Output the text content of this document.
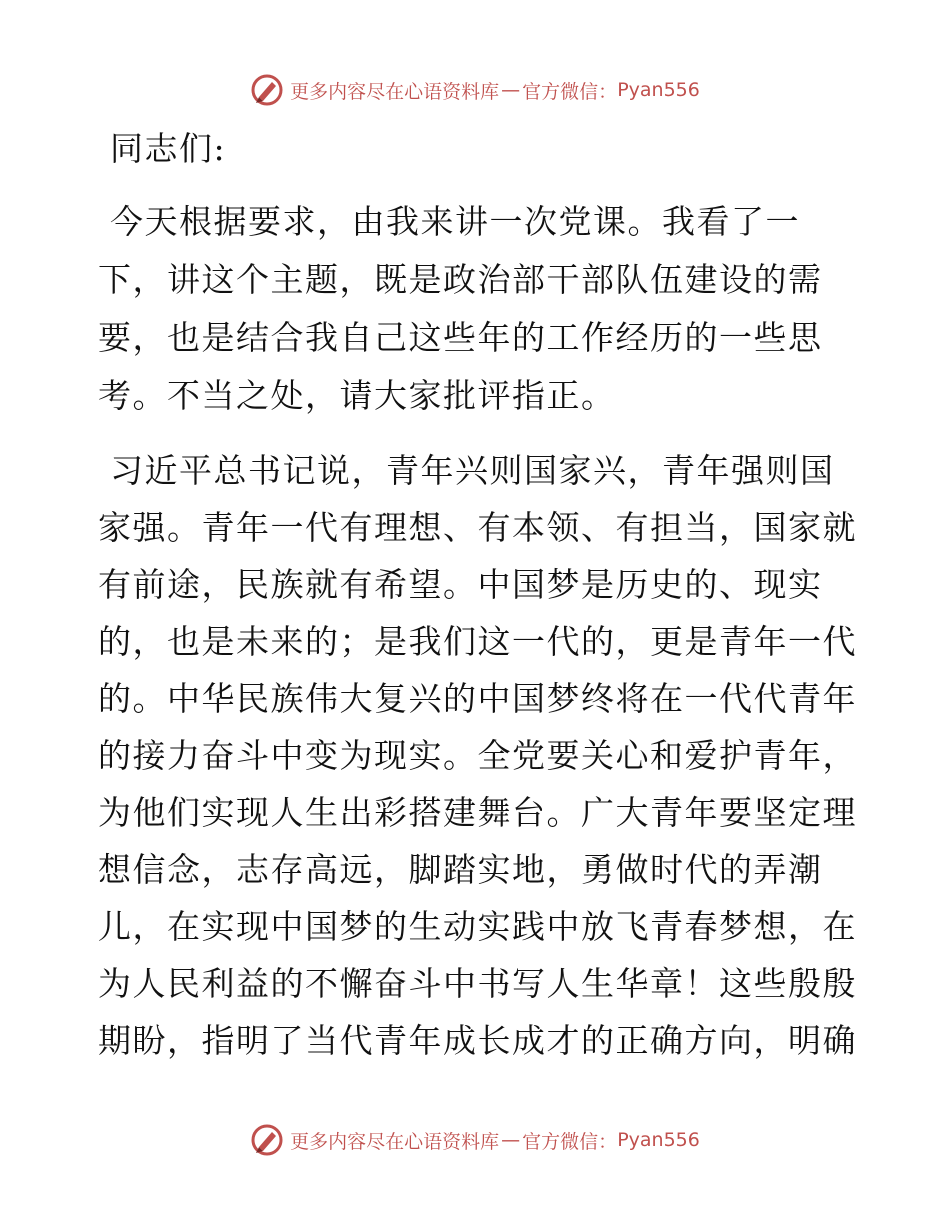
更多内容尽在心语资料库 — 官方微信： Pyan556
同志们:
今天根据要求，由我来讲一次党课。我看了一
下，讲这个主题，既是政治部干部队伍建设的需
要，也是结合我自己这些年的工作经历的一些思
考。不当之处，请大家批评指正。
习近平总书记说，青年兴则国家兴，青年强则国
家强。青年一代有理想、有本领、有担当，国家就
有前途，民族就有希望。中国梦是历史的、现实
的，也是未来的；是我们这一代的，更是青年一代
的。中华民族伟大复兴的中国梦终将在一代代青年
的接力奋斗中变为现实。全党要关心和爱护青年，
为他们实现人生出彩搭建舞台。广大青年要坚定理
想信念，志存高远，脚踏实地，勇做时代的弄潮
儿，在实现中国梦的生动实践中放飞青春梦想，在
为人民利益的不懈奋斗中书写人生华章！这些殷殷
期盼，指明了当代青年成长成才的正确方向，明确
更多内容尽在心语资料库 — 官方微信： Pyan556
